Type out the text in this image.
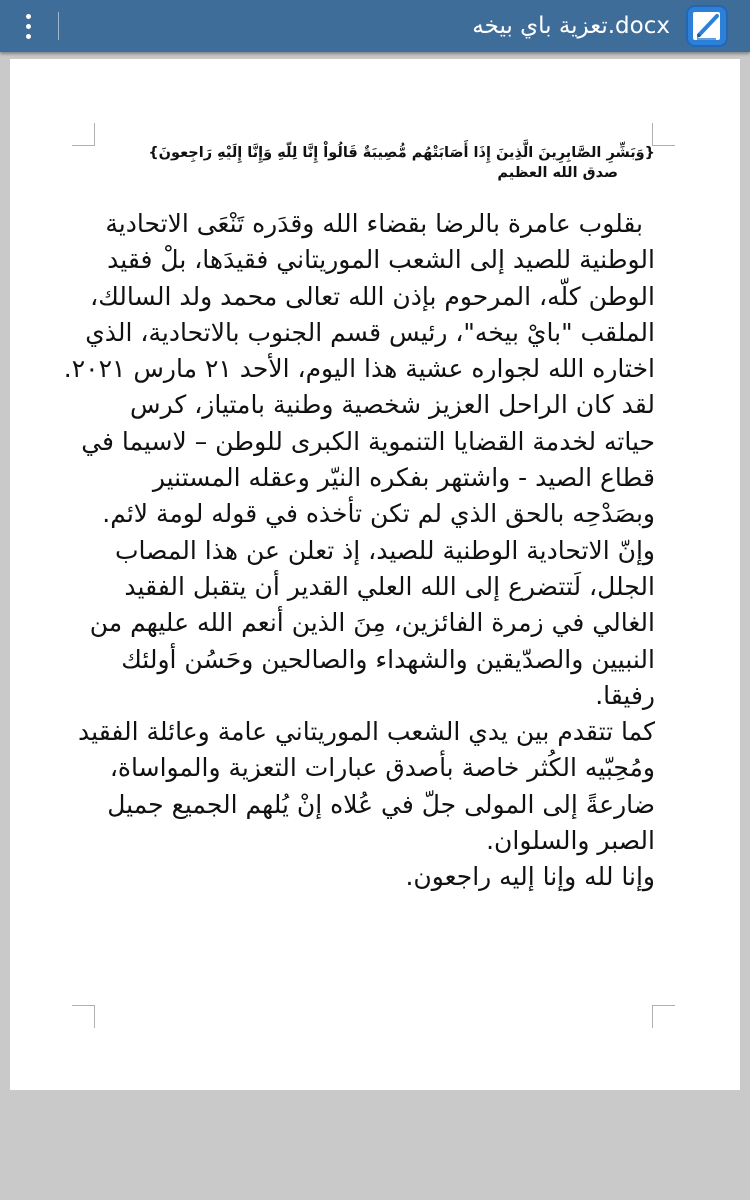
تعزية باي بيخه.docx
{وَبَشِّرِ الصَّابِرِينَ الَّذِينَ إِذَا أَصَابَتْهُم مُّصِيبَةٌ قَالُواْ إِنَّا لِلّهِ وَإِنَّا إِلَيْهِ رَاجِعونَ}
صدق الله العظيم
بقلوب عامرة بالرضا بقضاء الله وقدَره تَنْعَى الاتحادية
الوطنية للصيد إلى الشعب الموريتاني فقيدَها، بلْ فقيد
الوطن كلّه، المرحوم بإذن الله تعالى محمد ولد السالك،
الملقب "بايْ بيخه"، رئيس قسم الجنوب بالاتحادية، الذي
اختاره الله لجواره عشية هذا اليوم، الأحد ٢١ مارس ٢٠٢١.
لقد كان الراحل العزيز شخصية وطنية بامتياز، كرس
حياته لخدمة القضايا التنموية الكبرى للوطن – لاسيما في
قطاع الصيد - واشتهر بفكره النيّر وعقله المستنير
وبصَدْحِه بالحق الذي لم تكن تأخذه في قوله لومة لائم.
وإنّ الاتحادية الوطنية للصيد، إذ تعلن عن هذا المصاب
الجلل، لَتتضرع إلى الله العلي القدير أن يتقبل الفقيد
الغالي في زمرة الفائزين، مِنَ الذين أنعم الله عليهم من
النبيين والصدّيقين والشهداء والصالحين وحَسُن أولئك
رفيقا.
كما تتقدم بين يدي الشعب الموريتاني عامة وعائلة الفقيد
ومُحِبّيه الكُثر خاصة بأصدق عبارات التعزية والمواساة،
ضارعةً إلى المولى جلّ في عُلاه إنْ يُلهم الجميع جميل
الصبر والسلوان.
وإنا لله وإنا إليه راجعون.
